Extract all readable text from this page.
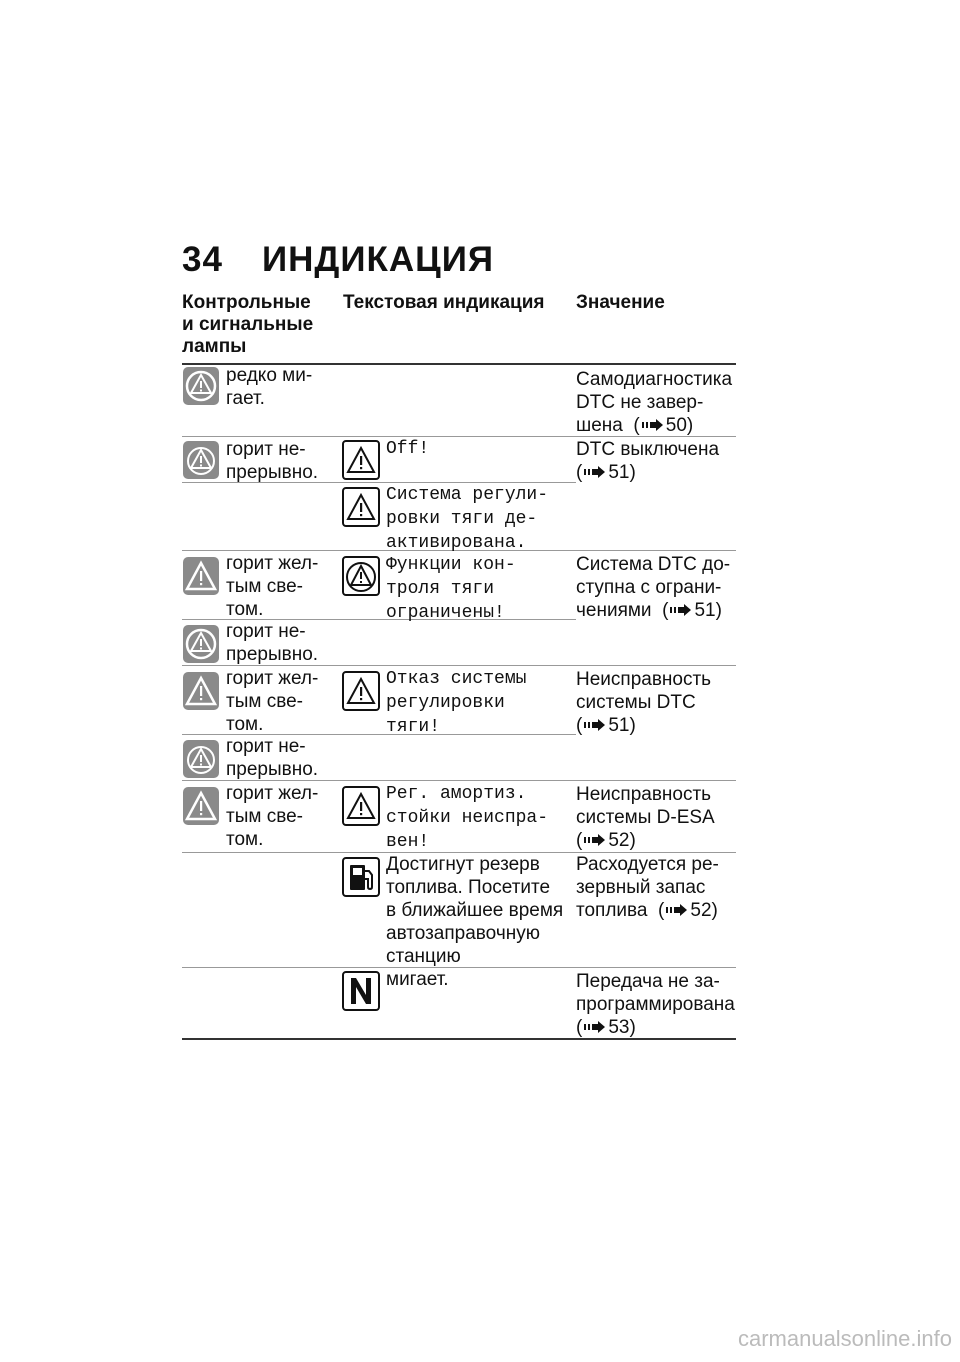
34 ИНДИКАЦИЯ
Контрольные
и сигнальные
лампы
Текстовая индикация Значение
редко ми-
гает.
Самодиагностика
DTC не завер-
шена  ( 50)
горит не-
прерывно.
Off!
Система регули-
ровки тяги де-
активирована.
DTC выключена
( 51)
горит жел-
тым све-
том.
горит не-
прерывно.
Функции кон-
троля тяги
ограничены!
Система DTC до-
ступна с ограни-
чениями  ( 51)
горит жел-
тым све-
том.
горит не-
прерывно.
Отказ системы
регулировки
тяги!
Неисправность
системы DTC
( 51)
горит жел-
тым све-
том.
Рег. амортиз.
стойки неиспра-
вен!
Неисправность
системы D-ESA
( 52)
Достигнут резерв
топлива. Посетите
в ближайшее время
автозаправочную
станцию
Расходуется ре-
зервный запас
топлива  ( 52)
мигает.	Передача не за-
программирована
( 53)
carmanualsonline.info
